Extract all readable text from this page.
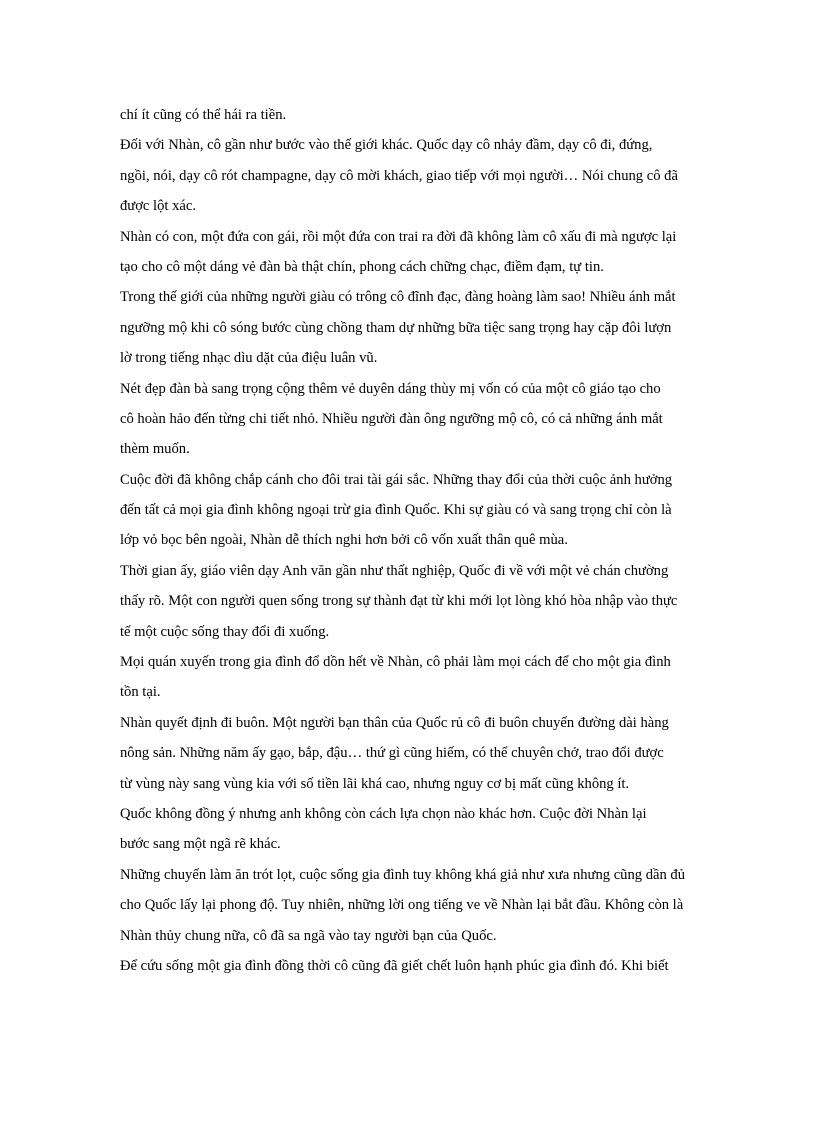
chí ít cũng có thể hái ra tiền.
Đối với Nhàn, cô gần như bước vào thế giới khác. Quốc dạy cô nhảy đầm, dạy cô đi, đứng,
ngồi, nói, dạy cô rót champagne, dạy cô mời khách, giao tiếp với mọi người… Nói chung cô đã
được lột xác.
Nhàn có con, một đứa con gái, rồi một đứa con trai ra đời đã không làm cô xấu đi mà ngược lại
tạo cho cô một dáng vẻ đàn bà thật chín, phong cách chững chạc, điềm đạm, tự tin.
Trong thế giới của những người giàu có trông cô đĩnh đạc, đàng hoàng làm sao! Nhiều ánh mắt
ngưỡng mộ khi cô sóng bước cùng chồng tham dự những bữa tiệc sang trọng hay cặp đôi lượn
lờ trong tiếng nhạc dìu dặt của điệu luân vũ.
Nét đẹp đàn bà sang trọng cộng thêm vẻ duyên dáng thùy mị vốn có của một cô giáo tạo cho
cô hoàn hảo đến từng chi tiết nhỏ. Nhiều người đàn ông ngưỡng mộ cô, có cả những ánh mắt
thèm muốn.
Cuộc đời đã không chắp cánh cho đôi trai tài gái sắc. Những thay đổi của thời cuộc ảnh hưởng
đến tất cả mọi gia đình không ngoại trừ gia đình Quốc. Khi sự giàu có và sang trọng chỉ còn là
lớp vỏ bọc bên ngoài, Nhàn dễ thích nghi hơn bởi cô vốn xuất thân quê mùa.
Thời gian ấy, giáo viên dạy Anh văn gần như thất nghiệp, Quốc đi về với một vẻ chán chường
thấy rõ. Một con người quen sống trong sự thành đạt từ khi mới lọt lòng khó hòa nhập vào thực
tế một cuộc sống thay đổi đi xuống.
Mọi quán xuyến trong gia đình đổ dồn hết về Nhàn, cô phải làm mọi cách để cho một gia đình
tồn tại.
Nhàn quyết định đi buôn. Một người bạn thân của Quốc rủ cô đi buôn chuyến đường dài hàng
nông sản. Những năm ấy gạo, bắp, đậu… thứ gì cũng hiếm, có thể chuyên chở, trao đổi được
từ vùng này sang vùng kia với số tiền lãi khá cao, nhưng nguy cơ bị mất cũng không ít.
Quốc không đồng ý nhưng anh không còn cách lựa chọn nào khác hơn. Cuộc đời Nhàn lại
bước sang một ngã rẽ khác.
Những chuyến làm ăn trót lọt, cuộc sống gia đình tuy không khá giả như xưa nhưng cũng dần đủ
cho Quốc lấy lại phong độ. Tuy nhiên, những lời ong tiếng ve về Nhàn lại bắt đầu. Không còn là
Nhàn thủy chung nữa, cô đã sa ngã vào tay người bạn của Quốc.
Để cứu sống một gia đình đồng thời cô cũng đã giết chết luôn hạnh phúc gia đình đó. Khi biết
